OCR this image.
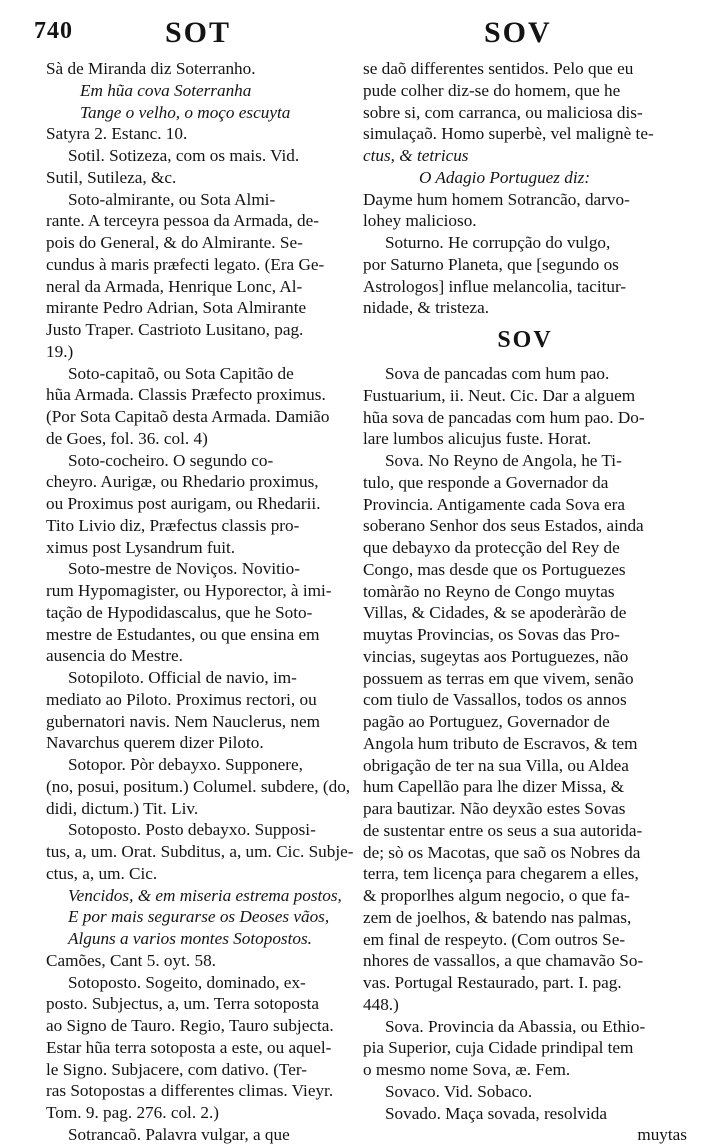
740	SOT	SOV
Sà de Miranda diz Soterranho.
Em hũa cova Soterranha
Tange o velho, o moço escuyta
Satyra 2. Estanc. 10.
Sotil. Sotizeza, com os mais. Vid.
Sutil, Sutileza, &c.
Soto-almirante, ou Sota Almi-
rante. A terceyra pessoa da Armada, de-
pois do General, & do Almirante. Se-
cundus à maris præfecti legato. (Era Ge-
neral da Armada, Henrique Lonc, Al-
mirante Pedro Adrian, Sota Almirante
Justo Traper. Castrioto Lusitano, pag.
19.)
Soto-capitaõ, ou Sota Capitão de
hũa Armada. Classis Præfecto proximus.
(Por Sota Capitaõ desta Armada. Damião
de Goes, fol. 36. col. 4)
Soto-cocheiro. O segundo co-
cheyro. Aurigæ, ou Rhedario proximus,
ou Proximus post aurigam, ou Rhedarii.
Tito Livio diz, Præfectus classis pro-
ximus post Lysandrum fuit.
Soto-mestre de Noviços. Novitio-
rum Hypomagister, ou Hyporector, à imi-
tação de Hypodidascalus, que he Soto-
mestre de Estudantes, ou que ensina em
ausencia do Mestre.
Sotopiloto. Official de navio, im-
mediato ao Piloto. Proximus rectori, ou
gubernatori navis. Nem Nauclerus, nem
Navarchus querem dizer Piloto.
Sotopor. Pòr debayxo. Supponere,
(no, posui, positum.) Columel. subdere, (do,
didi, dictum.) Tit. Liv.
Sotoposto. Posto debayxo. Supposi-
tus, a, um. Orat. Subditus, a, um. Cic. Subje-
ctus, a, um. Cic.
Vencidos, & em miseria estrema postos,
E por mais segurarse os Deoses vãos,
Alguns a varios montes Sotopostos.
Camões, Cant 5. oyt. 58.
Sotoposto. Sogeito, dominado, ex-
posto. Subjectus, a, um. Terra sotoposta
ao Signo de Tauro. Regio, Tauro subjecta.
Estar hũa terra sotoposta a este, ou aquel-
le Signo. Subjacere, com dativo. (Ter-
ras Sotopostas a differentes climas. Vieyr.
Tom. 9. pag. 276. col. 2.)
Sotrancaõ. Palavra vulgar, a que
se daõ differentes sentidos. Pelo que eu
pude colher diz-se do homem, que he
sobre si, com carranca, ou maliciosa dis-
simulaçaõ. Homo superbè, vel malignè te-
ctus, & tetricus
O Adagio Portuguez diz:
Dayme hum homem Sotrancão, darvo-
lohey malicioso.
Soturno. He corrupção do vulgo,
por Saturno Planeta, que [segundo os
Astrologos] influe melancolia, tacitur-
nidade, & tristeza.
SOV
Sova de pancadas com hum pao.
Fustuarium, ii. Neut. Cic. Dar a alguem
hũa sova de pancadas com hum pao. Do-
lare lumbos alicujus fuste. Horat.
Sova. No Reyno de Angola, he Ti-
tulo, que responde a Governador da
Provincia. Antigamente cada Sova era
soberano Senhor dos seus Estados, ainda
que debayxo da protecção del Rey de
Congo, mas desde que os Portuguezes
tomàrão no Reyno de Congo muytas
Villas, & Cidades, & se apoderàrão de
muytas Provincias, os Sovas das Pro-
vincias, sugeytas aos Portuguezes, não
possuem as terras em que vivem, senão
com tiulo de Vassallos, todos os annos
pagão ao Portuguez, Governador de
Angola hum tributo de Escravos, & tem
obrigação de ter na sua Villa, ou Aldea
hum Capellão para lhe dizer Missa, &
para bautizar. Não deyxão estes Sovas
de sustentar entre os seus a sua autorida-
de; sò os Macotas, que saõ os Nobres da
terra, tem licença para chegarem a elles,
& proporlhes algum negocio, o que fa-
zem de joelhos, & batendo nas palmas,
em final de respeyto. (Com outros Se-
nhores de vassallos, a que chamavão So-
vas. Portugal Restaurado, part. I. pag.
448.)
Sova. Provincia da Abassia, ou Ethio-
pia Superior, cuja Cidade prindipal tem
o mesmo nome Sova, æ. Fem.
Sovaco. Vid. Sobaco.
Sovado. Maça sovada, resolvida
muytas
